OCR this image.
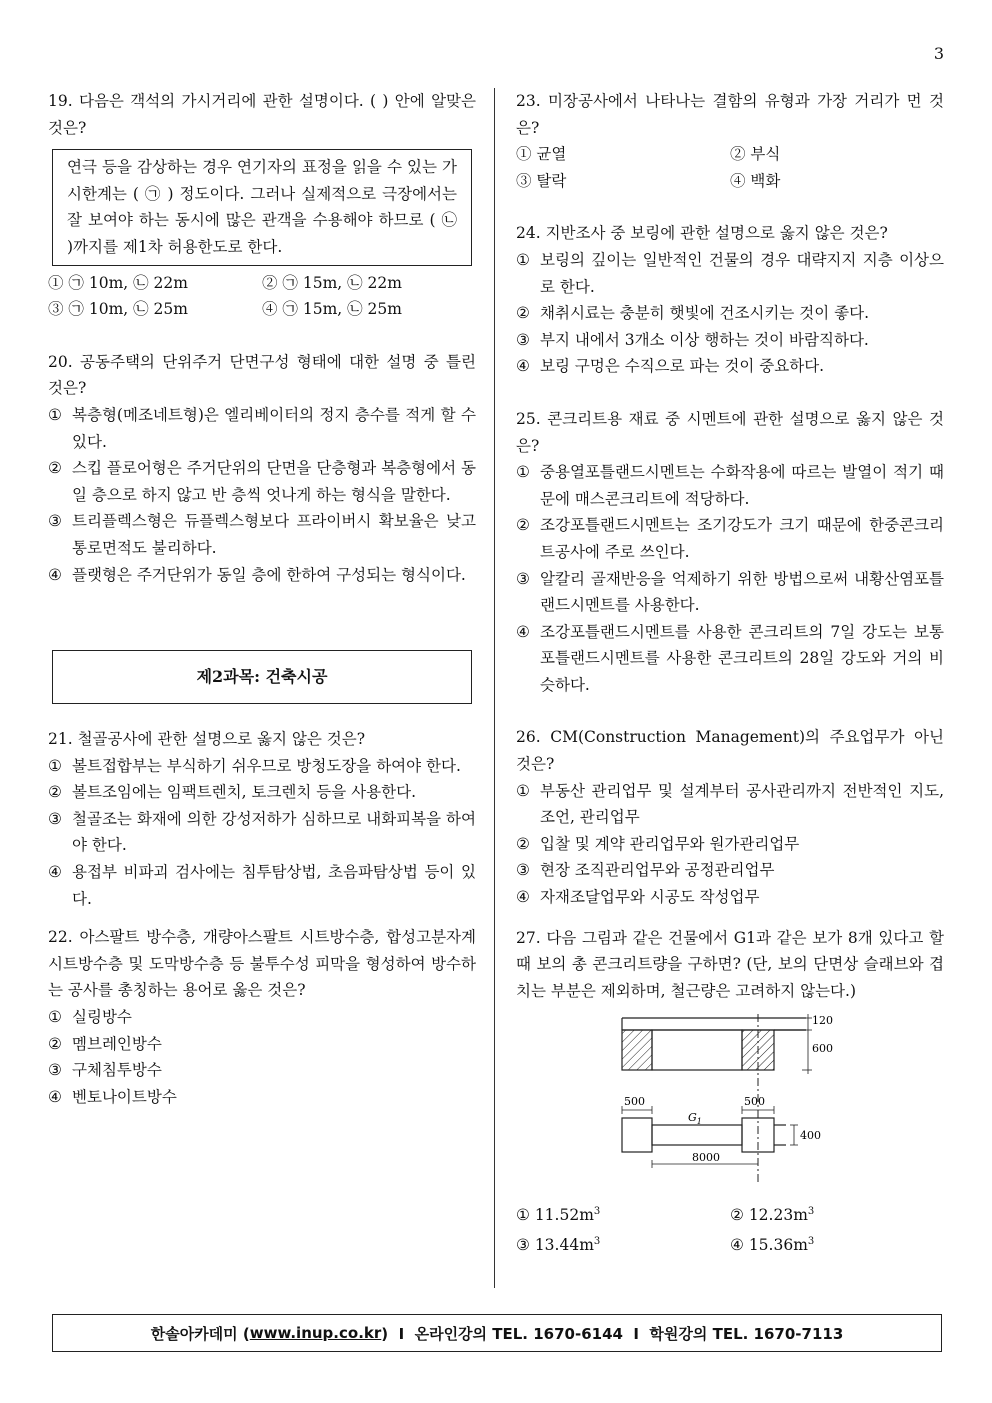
3

19. 다음은 객석의 가시거리에 관한 설명이다. ( ) 안에 알맞은 것은?

연극 등을 감상하는 경우 연기자의 표정을 읽을 수 있는 가시한계는 ( ㉠ ) 정도이다. 그러나 실제적으로 극장에서는 잘 보여야 하는 동시에 많은 관객을 수용해야 하므로 ( ㉡ )까지를 제1차 허용한도로 한다.
① ㉠ 10m, ㉡ 22m	② ㉠ 15m, ㉡ 22m
③ ㉠ 10m, ㉡ 25m	④ ㉠ 15m, ㉡ 25m

20. 공동주택의 단위주거 단면구성 형태에 대한 설명 중 틀린 것은?

① 복층형(메조네트형)은 엘리베이터의 정지 층수를 적게 할 수 있다.
② 스킵 플로어형은 주거단위의 단면을 단층형과 복층형에서 동일 층으로 하지 않고 반 층씩 엇나게 하는 형식을 말한다.
③ 트리플렉스형은 듀플렉스형보다 프라이버시 확보율은 낮고 통로면적도 불리하다.
④ 플랫형은 주거단위가 동일 층에 한하여 구성되는 형식이다.
제2과목: 건축시공

21. 철골공사에 관한 설명으로 옳지 않은 것은?

① 볼트접합부는 부식하기 쉬우므로 방청도장을 하여야 한다.
② 볼트조임에는 임팩트렌치, 토크렌치 등을 사용한다.
③ 철골조는 화재에 의한 강성저하가 심하므로 내화피복을 하여야 한다.
④ 용접부 비파괴 검사에는 침투탐상법, 초음파탐상법 등이 있다.

22. 아스팔트 방수층, 개량아스팔트 시트방수층, 합성고분자계 시트방수층 및 도막방수층 등 불투수성 피막을 형성하여 방수하는 공사를 총칭하는 용어로 옳은 것은?

① 실링방수
② 멤브레인방수
③ 구체침투방수
④ 벤토나이트방수

23. 미장공사에서 나타나는 결함의 유형과 가장 거리가 먼 것은?

① 균열	② 부식
③ 탈락	④ 백화

24. 지반조사 중 보링에 관한 설명으로 옳지 않은 것은?

① 보링의 깊이는 일반적인 건물의 경우 대략지지 지층 이상으로 한다.
② 채취시료는 충분히 햇빛에 건조시키는 것이 좋다.
③ 부지 내에서 3개소 이상 행하는 것이 바람직하다.
④ 보링 구멍은 수직으로 파는 것이 중요하다.

25. 콘크리트용 재료 중 시멘트에 관한 설명으로 옳지 않은 것은?

① 중용열포틀랜드시멘트는 수화작용에 따르는 발열이 적기 때문에 매스콘크리트에 적당하다.
② 조강포틀랜드시멘트는 조기강도가 크기 때문에 한중콘크리트공사에 주로 쓰인다.
③ 알칼리 골재반응을 억제하기 위한 방법으로써 내황산염포틀랜드시멘트를 사용한다.
④ 조강포틀랜드시멘트를 사용한 콘크리트의 7일 강도는 보통포틀랜드시멘트를 사용한 콘크리트의 28일 강도와 거의 비슷하다.

26. CM(Construction Management)의 주요업무가 아닌 것은?

① 부동산 관리업무 및 설계부터 공사관리까지 전반적인 지도, 조언, 관리업무
② 입찰 및 계약 관리업무와 원가관리업무
③ 현장 조직관리업무와 공정관리업무
④ 자재조달업무와 시공도 작성업무

27. 다음 그림과 같은 건물에서 G1과 같은 보가 8개 있다고 할 때 보의 총 콘크리트량을 구하면? (단, 보의 단면상 슬래브와 겹치는 부분은 제외하며, 철근량은 고려하지 않는다.)

120
600
500	500
$G_1$
400
8000
① $11.52m^3$	② $12.23m^3$
③ $13.44m^3$	④ $15.36m^3$
한솔아카데미 ( www.inup.co.kr )  I  온라인강의 TEL. 1670-6144  I  학원강의 TEL. 1670-7113
